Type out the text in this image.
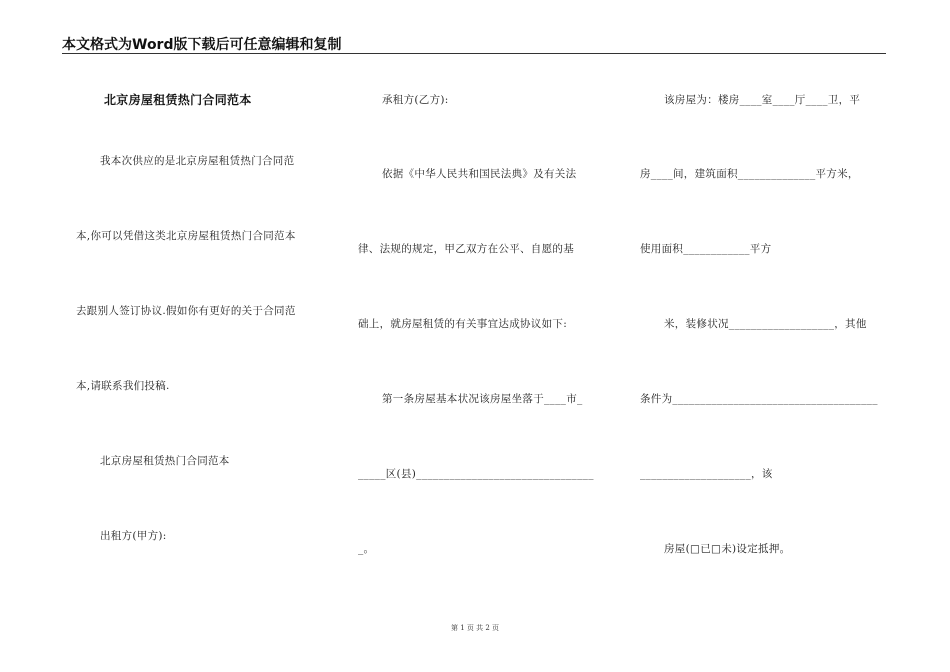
本文格式为Word版下载后可任意编辑和复制
北京房屋租赁热门合同范本
我本次供应的是北京房屋租赁热门合同范
本,你可以凭借这类北京房屋租赁热门合同范本
去跟别人签订协议.假如你有更好的关于合同范
本,请联系我们投稿.
北京房屋租赁热门合同范本
出租方(甲方):
承租方(乙方):
依据《中华人民共和国民法典》及有关法
律、法规的规定，甲乙双方在公平、自愿的基
础上，就房屋租赁的有关事宜达成协议如下:
第一条房屋基本状况该房屋坐落于____市_
_____区(县)________________________________
_。
该房屋为：楼房____室____厅____卫，平
房____间，建筑面积______________平方米，
使用面积____________平方
米，装修状况___________________，其他
条件为_____________________________________
____________________，该
房屋(□已□未)设定抵押。
第 1 页 共 2 页
